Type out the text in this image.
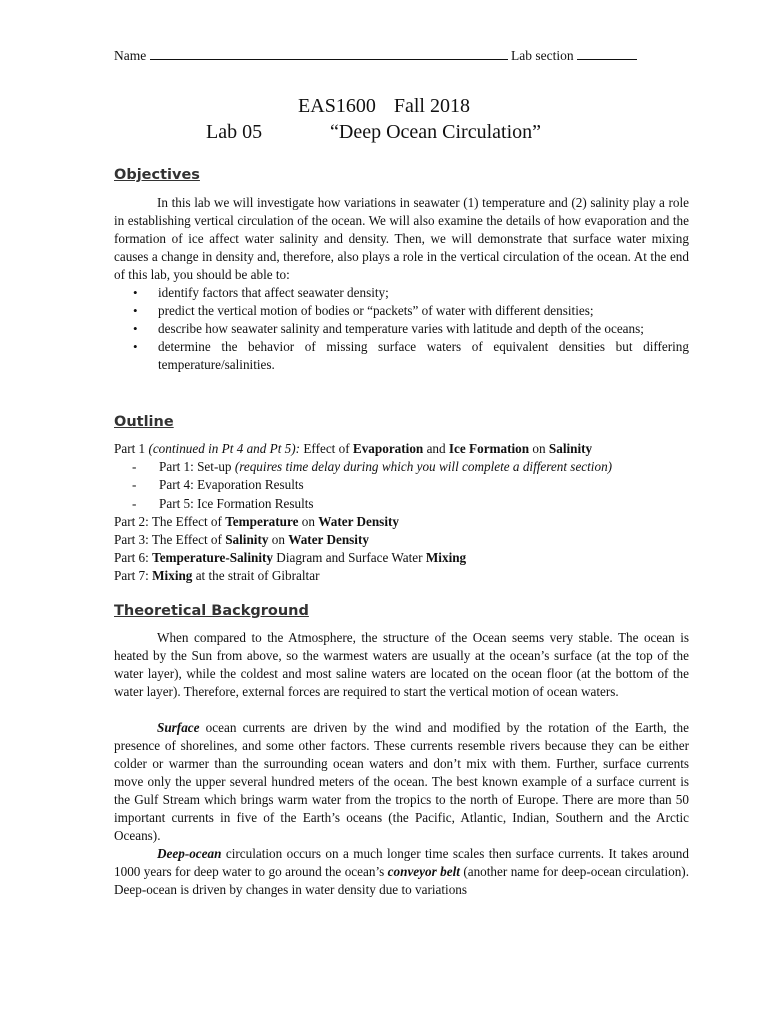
Name	Lab section
EAS1600 Fall 2018
Lab 05	“Deep Ocean Circulation”
Objectives

In this lab we will investigate how variations in seawater (1) temperature and (2) salinity play a role in establishing vertical circulation of the ocean. We will also examine the details of how evaporation and the formation of ice affect water salinity and density. Then, we will demonstrate that surface water mixing causes a change in density and, therefore, also plays a role in the vertical circulation of the ocean. At the end of this lab, you should be able to:

• identify factors that affect seawater density;
• predict the vertical motion of bodies or “packets” of water with different densities;
• describe how seawater salinity and temperature varies with latitude and depth of the oceans;
• determine the behavior of missing surface waters of equivalent densities but differing temperature/salinities.
Outline
Part 1 (continued in Pt 4 and Pt 5): Effect of Evaporation and Ice Formation on Salinity
- Part 1: Set-up (requires time delay during which you will complete a different section)
- Part 4: Evaporation Results
- Part 5: Ice Formation Results
Part 2: The Effect of Temperature on Water Density
Part 3: The Effect of Salinity on Water Density
Part 6: Temperature-Salinity Diagram and Surface Water Mixing
Part 7: Mixing at the strait of Gibraltar
Theoretical Background

When compared to the Atmosphere, the structure of the Ocean seems very stable. The ocean is heated by the Sun from above, so the warmest waters are usually at the ocean’s surface (at the top of the water layer), while the coldest and most saline waters are located on the ocean floor (at the bottom of the water layer). Therefore, external forces are required to start the vertical motion of ocean waters.

Surface ocean currents are driven by the wind and modified by the rotation of the Earth, the presence of shorelines, and some other factors. These currents resemble rivers because they can be either colder or warmer than the surrounding ocean waters and don’t mix with them. Further, surface currents move only the upper several hundred meters of the ocean. The best known example of a surface current is the Gulf Stream which brings warm water from the tropics to the north of Europe. There are more than 50 important currents in five of the Earth’s oceans (the Pacific, Atlantic, Indian, Southern and the Arctic Oceans).

Deep-ocean circulation occurs on a much longer time scales then surface currents. It takes around 1000 years for deep water to go around the ocean’s conveyor belt (another name for deep-ocean circulation). Deep-ocean is driven by changes in water density due to variations
